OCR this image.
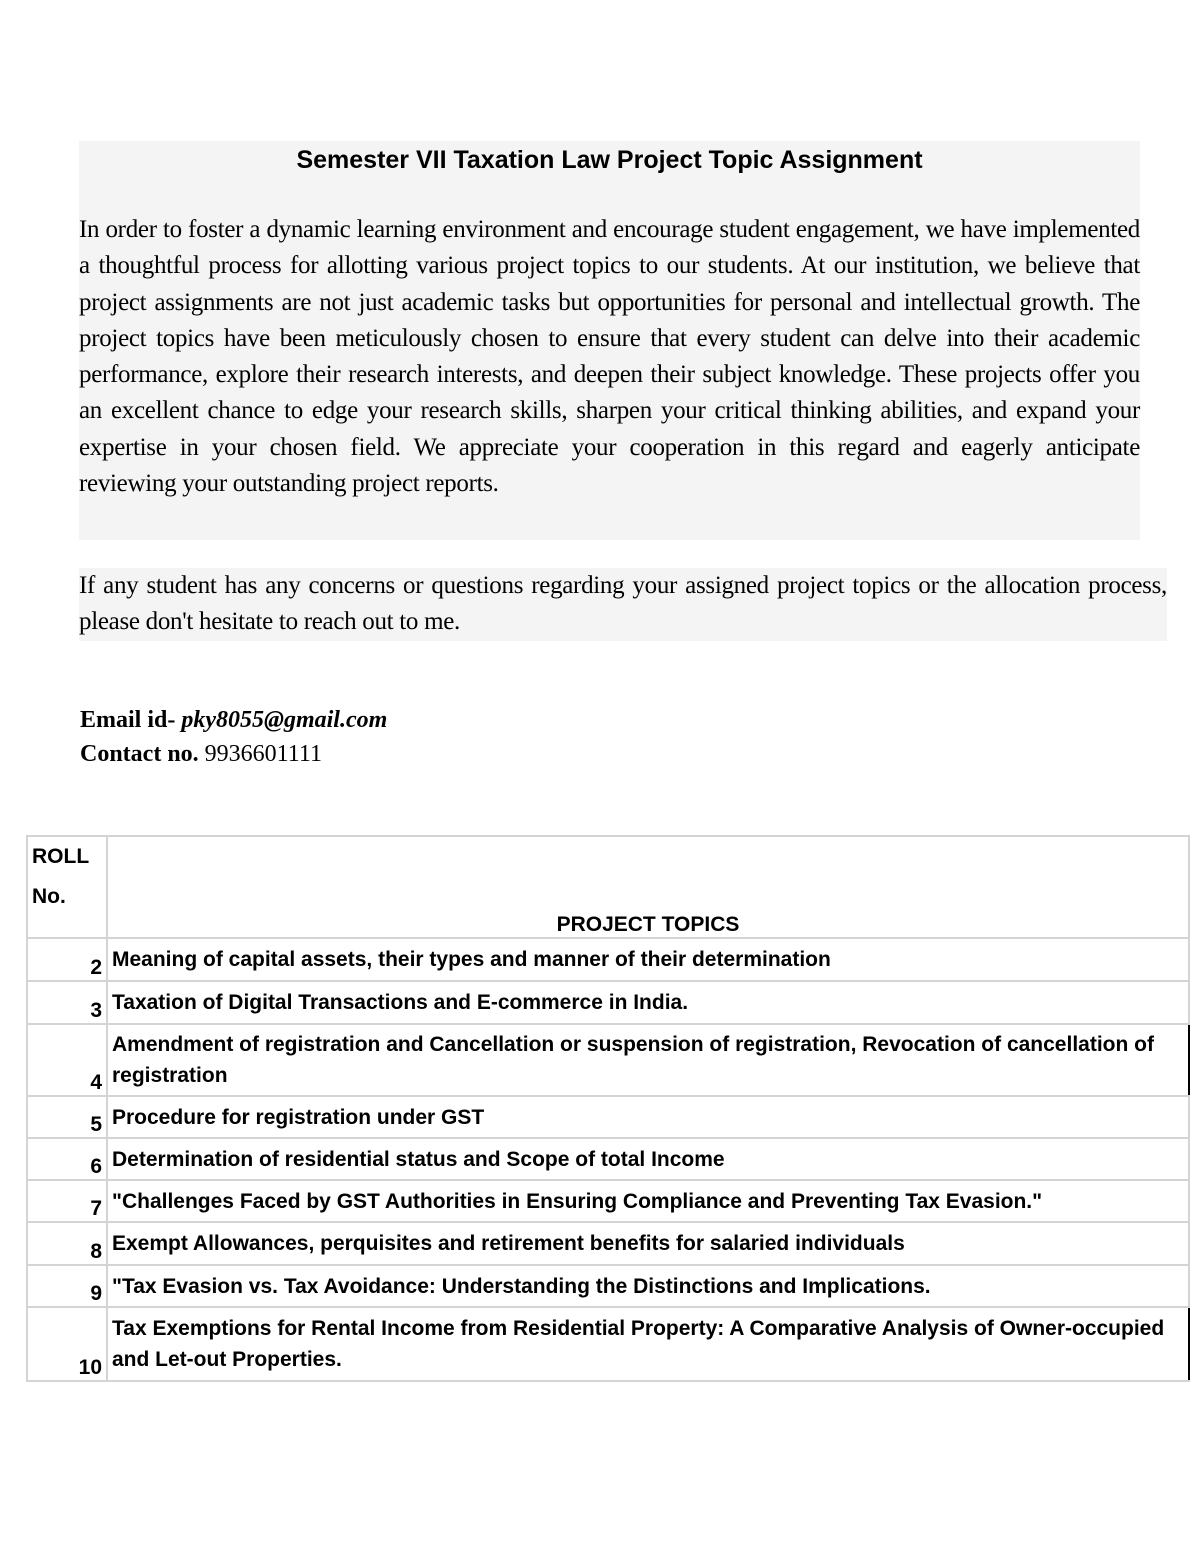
Semester VII Taxation Law Project Topic Assignment

In order to foster a dynamic learning environment and encourage student engagement, we have implemented a thoughtful process for allotting various project topics to our students. At our institution, we believe that project assignments are not just academic tasks but opportunities for personal and intellectual growth. The project topics have been meticulously chosen to ensure that every student can delve into their academic performance, explore their research interests, and deepen their subject knowledge. These projects offer you an excellent chance to edge your research skills, sharpen your critical thinking abilities, and expand your expertise in your chosen field. We appreciate your cooperation in this regard and eagerly anticipate reviewing your outstanding project reports.

If any student has any concerns or questions regarding your assigned project topics or the allocation process, please don't hesitate to reach out to me.

Email id- pky8055@gmail.com
Contact no. 9936601111
ROLL No.	PROJECT TOPICS
2	Meaning of capital assets, their types and manner of their determination
3	Taxation of Digital Transactions and E-commerce in India.
4	Amendment of registration and Cancellation or suspension of registration, Revocation of cancellation of registration
5	Procedure for registration under GST
6	Determination of residential status and Scope of total Income
7	"Challenges Faced by GST Authorities in Ensuring Compliance and Preventing Tax Evasion."
8	Exempt Allowances, perquisites and retirement benefits for salaried individuals
9	"Tax Evasion vs. Tax Avoidance: Understanding the Distinctions and Implications.
10	Tax Exemptions for Rental Income from Residential Property: A Comparative Analysis of Owner-occupied and Let-out Properties.
